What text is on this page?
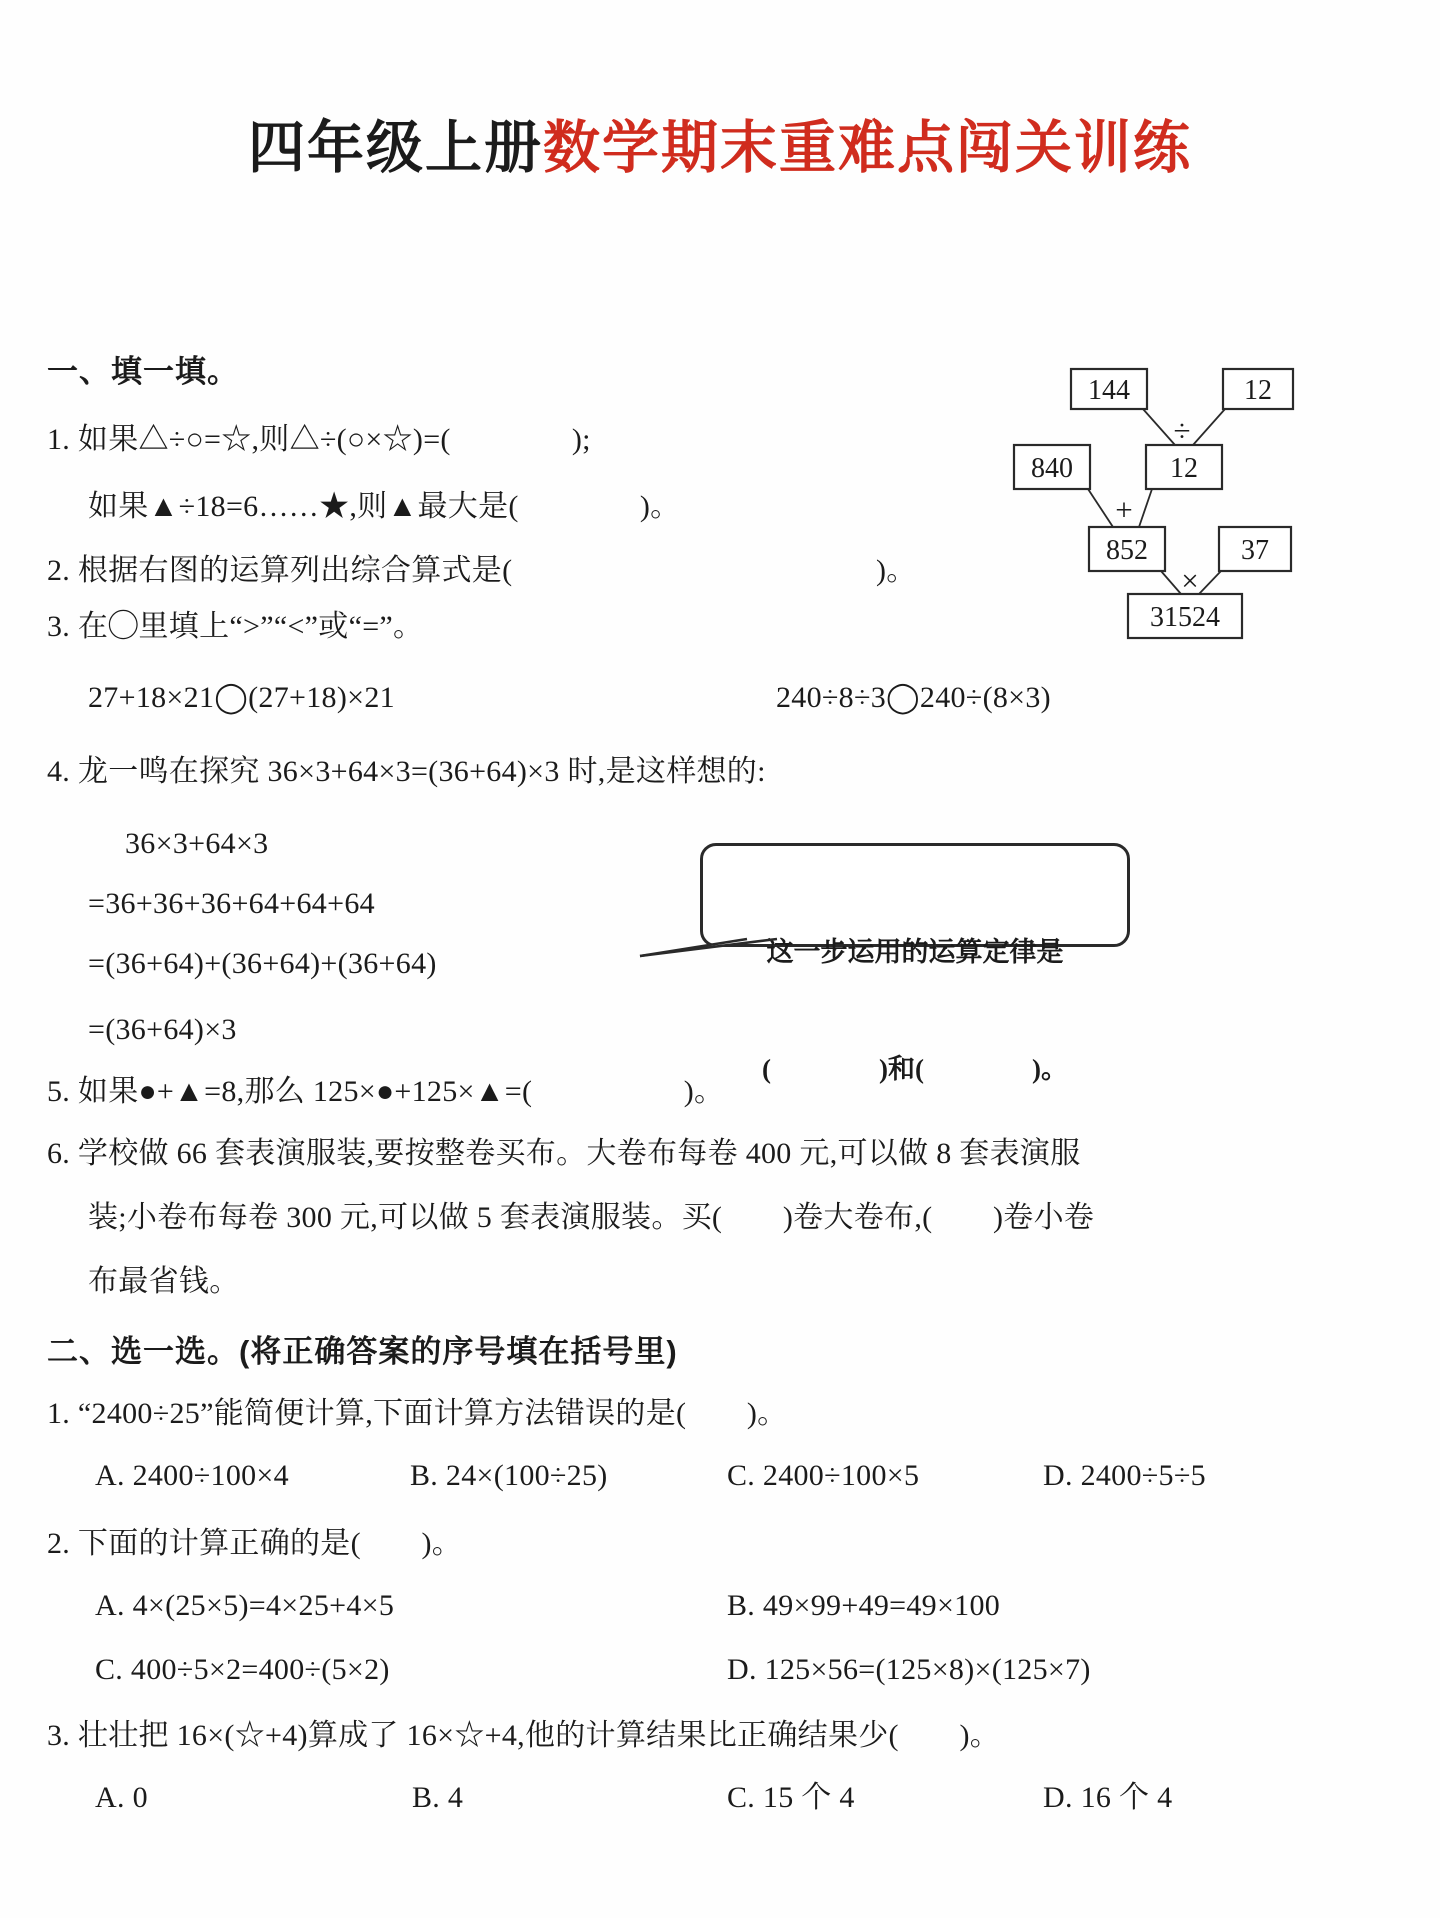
四年级上册数学期末重难点闯关训练
一、填一填。
1. 如果△÷○=☆,则△÷(○×☆)=(　　　　);
如果▲÷18=6……★,则▲最大是(　　　　)。
2. 根据右图的运算列出综合算式是(　　　　　　　　　　　　)。
3. 在◯里填上“>”“<”或“=”。
27+18×21◯(27+18)×21	240÷8÷3◯240÷(8×3)
4. 龙一鸣在探究 36×3+64×3=(36+64)×3 时,是这样想的:
36×3+64×3
=36+36+36+64+64+64
=(36+64)+(36+64)+(36+64)
=(36+64)×3
5. 如果●+▲=8,那么 125×●+125×▲=(　　　　　)。
6. 学校做 66 套表演服装,要按整卷买布。大卷布每卷 400 元,可以做 8 套表演服
装;小卷布每卷 300 元,可以做 5 套表演服装。买(　　)卷大卷布,(　　)卷小卷
布最省钱。

这一步运用的运算定律是

(　　　　)和(　　　　)。

144	12
12
840
852	37
31524
÷
+
×
二、选一选。(将正确答案的序号填在括号里)
1. “2400÷25”能简便计算,下面计算方法错误的是(　　)。
A. 2400÷100×4	B. 24×(100÷25)	C. 2400÷100×5	D. 2400÷5÷5
2. 下面的计算正确的是(　　)。
A. 4×(25×5)=4×25+4×5	B. 49×99+49=49×100
C. 400÷5×2=400÷(5×2)	D. 125×56=(125×8)×(125×7)
3. 壮壮把 16×(☆+4)算成了 16×☆+4,他的计算结果比正确结果少(　　)。
A. 0	B. 4	C. 15 个 4	D. 16 个 4
